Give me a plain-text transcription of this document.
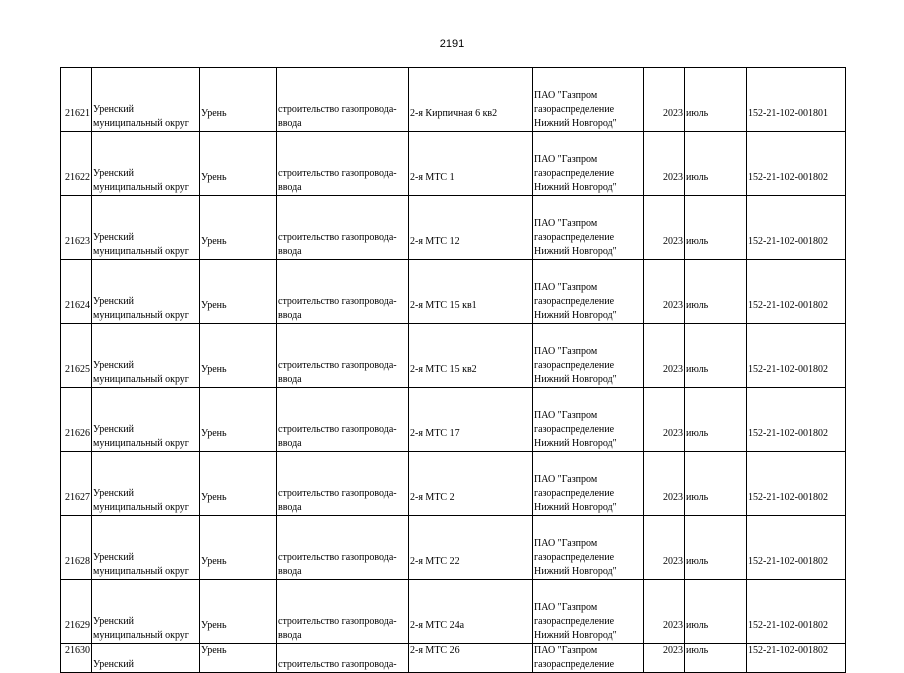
2191
21621	Уренский
муниципальный округ	Урень	строительство газопровода-
ввода	2-я Кирпичная 6 кв2	ПАО "Газпром
газораспределение
Нижний Новгород"	2023	июль	152-21-102-001801
21622	Уренский
муниципальный округ	Урень	строительство газопровода-
ввода	2-я МТС 1	ПАО "Газпром
газораспределение
Нижний Новгород"	2023	июль	152-21-102-001802
21623	Уренский
муниципальный округ	Урень	строительство газопровода-
ввода	2-я МТС 12	ПАО "Газпром
газораспределение
Нижний Новгород"	2023	июль	152-21-102-001802
21624	Уренский
муниципальный округ	Урень	строительство газопровода-
ввода	2-я МТС 15 кв1	ПАО "Газпром
газораспределение
Нижний Новгород"	2023	июль	152-21-102-001802
21625	Уренский
муниципальный округ	Урень	строительство газопровода-
ввода	2-я МТС 15 кв2	ПАО "Газпром
газораспределение
Нижний Новгород"	2023	июль	152-21-102-001802
21626	Уренский
муниципальный округ	Урень	строительство газопровода-
ввода	2-я МТС 17	ПАО "Газпром
газораспределение
Нижний Новгород"	2023	июль	152-21-102-001802
21627	Уренский
муниципальный округ	Урень	строительство газопровода-
ввода	2-я МТС 2	ПАО "Газпром
газораспределение
Нижний Новгород"	2023	июль	152-21-102-001802
21628	Уренский
муниципальный округ	Урень	строительство газопровода-
ввода	2-я МТС 22	ПАО "Газпром
газораспределение
Нижний Новгород"	2023	июль	152-21-102-001802
21629	Уренский
муниципальный округ	Урень	строительство газопровода-
ввода	2-я МТС 24а	ПАО "Газпром
газораспределение
Нижний Новгород"	2023	июль	152-21-102-001802
21630	Уренский	Урень	строительство газопровода-	2-я МТС 26	ПАО "Газпром
газораспределение	2023	июль	152-21-102-001802
